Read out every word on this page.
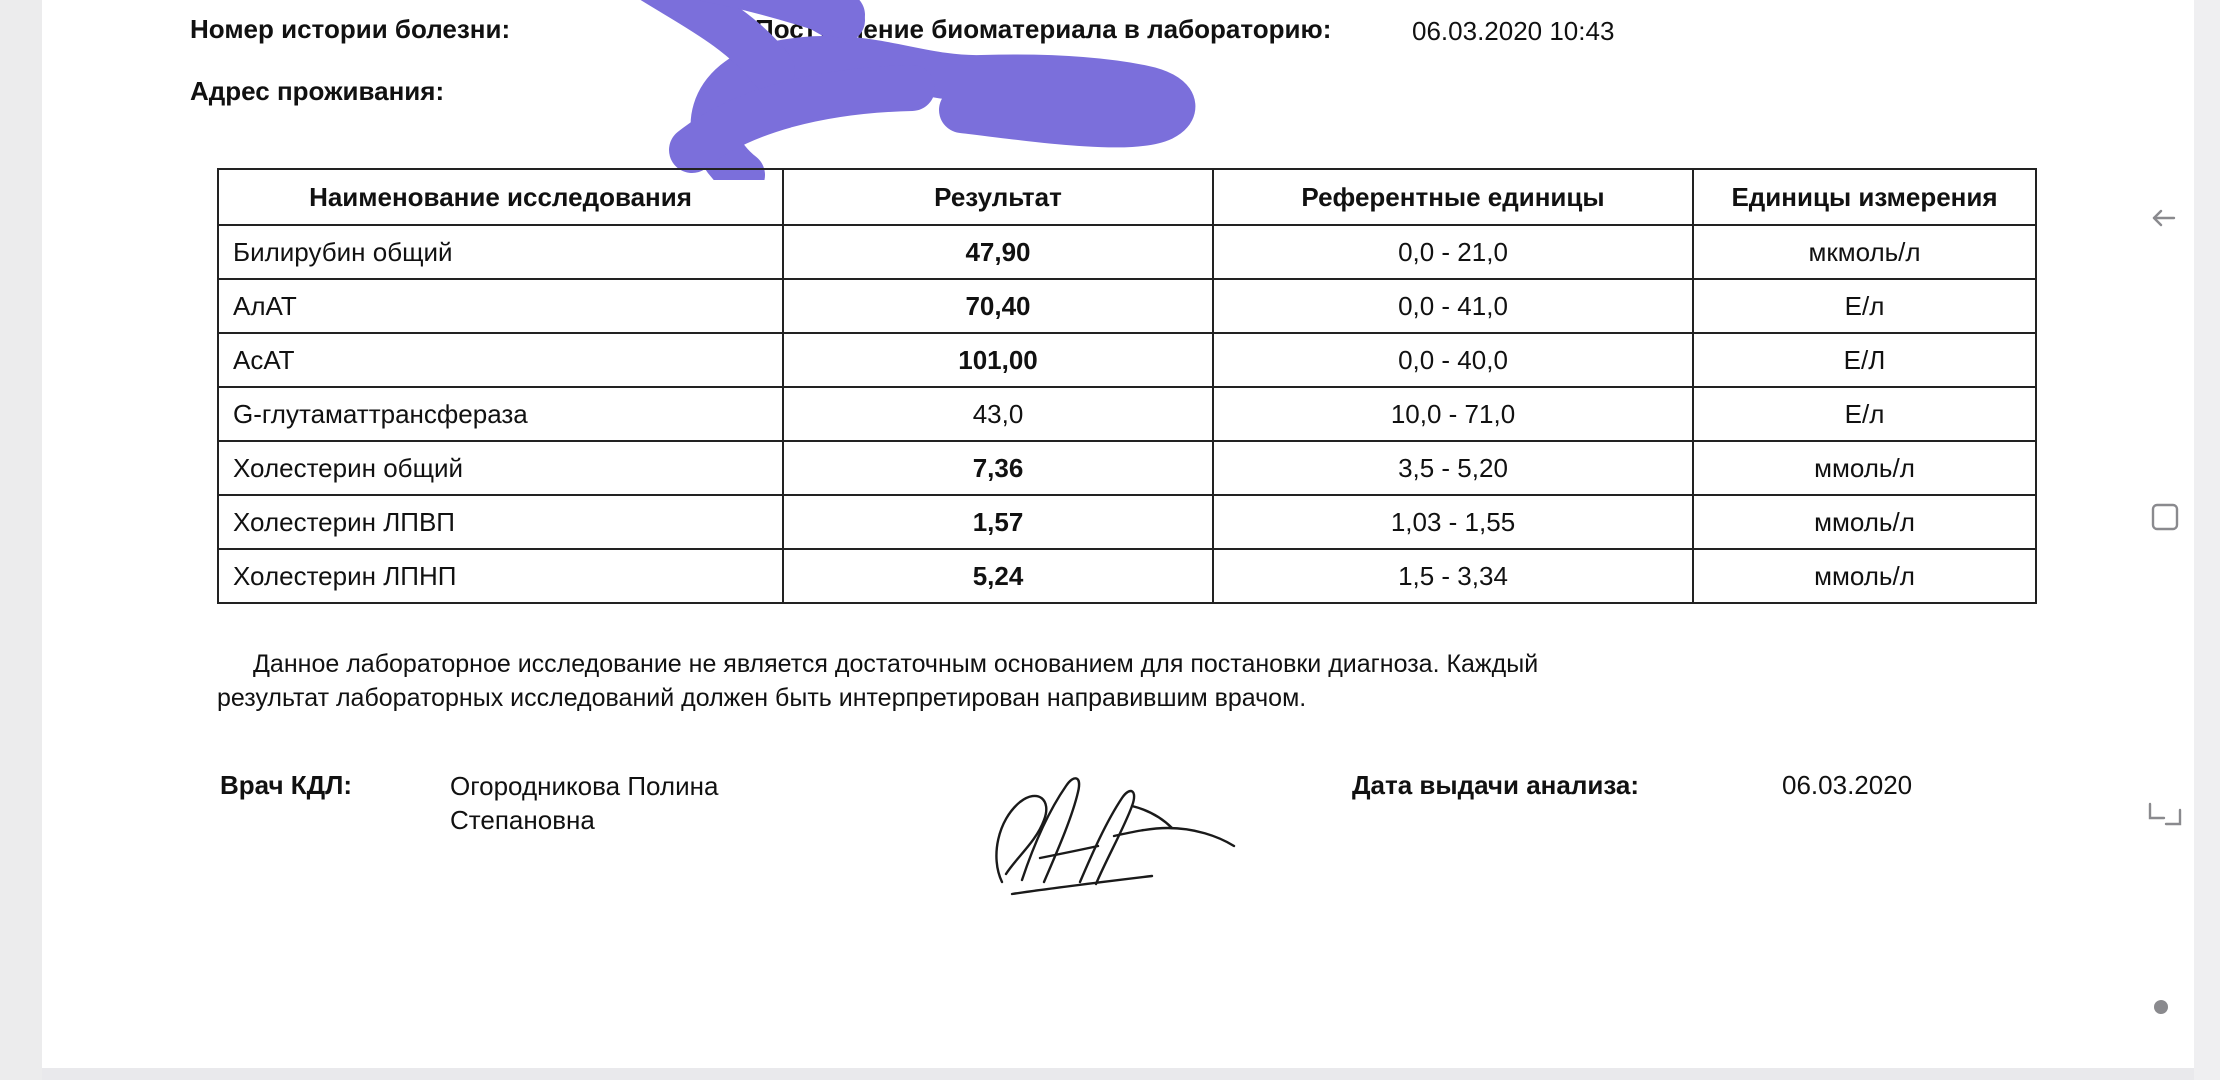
Номер истории болезни:
Адрес проживания:
Поступление биоматериала в лабораторию:	06.03.2020 10:43
Наименование исследования	Результат	Референтные единицы	Единицы измерения
Билирубин общий	47,90	0,0 - 21,0	мкмоль/л
АлАТ	70,40	0,0 - 41,0	Е/л
АсАТ	101,00	0,0 - 40,0	Е/Л
G-глутаматтрансфераза	43,0	10,0 - 71,0	Е/л
Холестерин общий	7,36	3,5 - 5,20	ммоль/л
Холестерин ЛПВП	1,57	1,03 - 1,55	ммоль/л
Холестерин ЛПНП	5,24	1,5 - 3,34	ммоль/л
Данное лабораторное исследование не является достаточным основанием для постановки диагноза. Каждый
результат лабораторных исследований должен быть интерпретирован направившим врачом.
Врач КДЛ:	Огородникова Полина Степановна
Дата выдачи анализа:	06.03.2020
